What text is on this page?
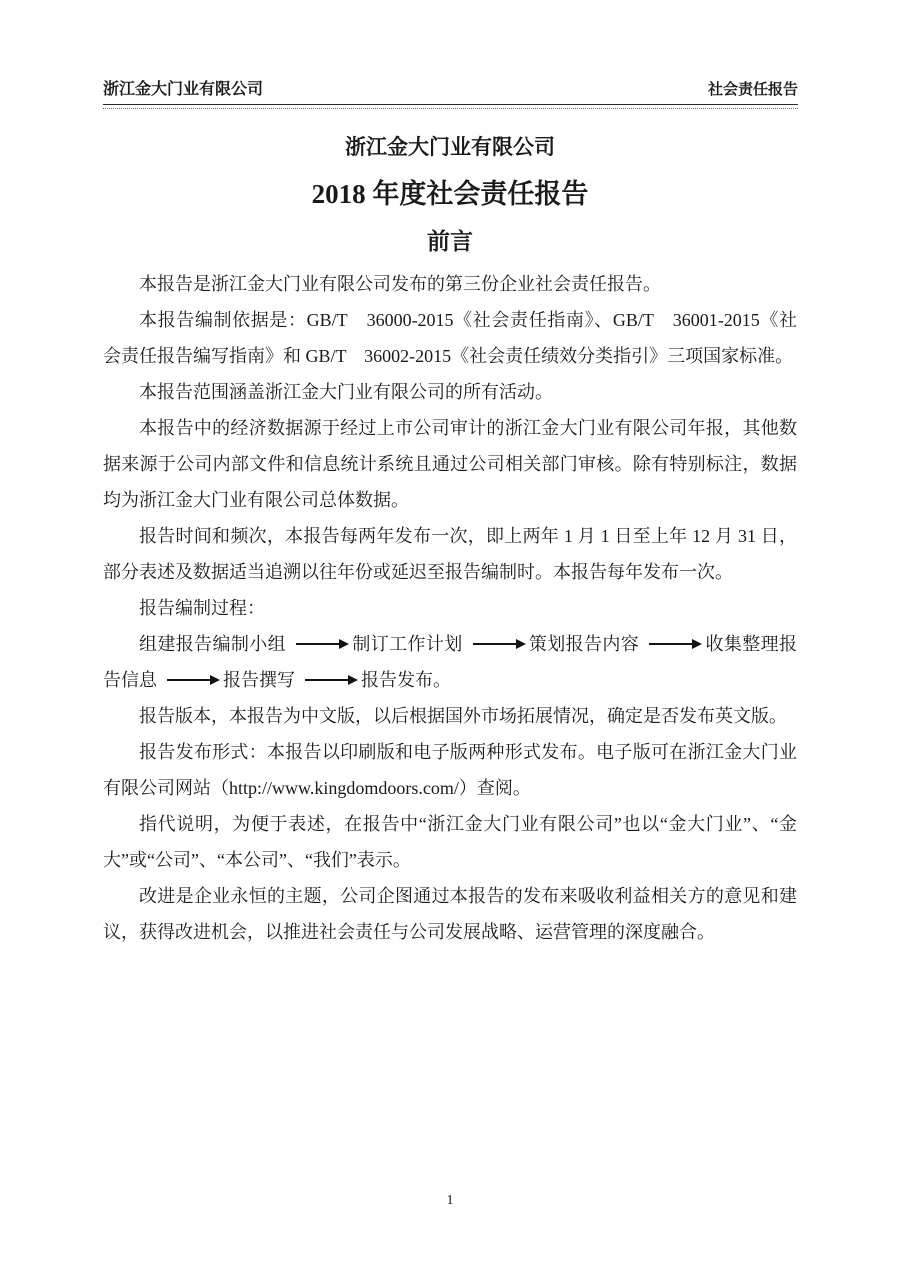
浙江金大门业有限公司	社会责任报告
浙江金大门业有限公司
2018 年度社会责任报告
前言

本报告是浙江金大门业有限公司发布的第三份企业社会责任报告。

本报告编制依据是：GB/T　36000-2015《社会责任指南》、GB/T　36001-2015《社会责任报告编写指南》和 GB/T　36002-2015《社会责任绩效分类指引》三项国家标准。

本报告范围涵盖浙江金大门业有限公司的所有活动。

本报告中的经济数据源于经过上市公司审计的浙江金大门业有限公司年报，其他数据来源于公司内部文件和信息统计系统且通过公司相关部门审核。除有特别标注，数据均为浙江金大门业有限公司总体数据。

报告时间和频次，本报告每两年发布一次，即上两年 1 月 1 日至上年 12 月 31 日，部分表述及数据适当追溯以往年份或延迟至报告编制时。本报告每年发布一次。

报告编制过程：

组建报告编制小组	制订工作计划	策划报告内容	收集整理报告信息	报告撰写	报告发布。

报告版本，本报告为中文版，以后根据国外市场拓展情况，确定是否发布英文版。

报告发布形式：本报告以印刷版和电子版两种形式发布。电子版可在浙江金大门业有限公司网站（http://www.kingdomdoors.com/）查阅。

指代说明，为便于表述，在报告中“浙江金大门业有限公司”也以“金大门业”、“金大”或“公司”、“本公司”、“我们”表示。

改进是企业永恒的主题，公司企图通过本报告的发布来吸收利益相关方的意见和建议，获得改进机会，以推进社会责任与公司发展战略、运营管理的深度融合。

1
